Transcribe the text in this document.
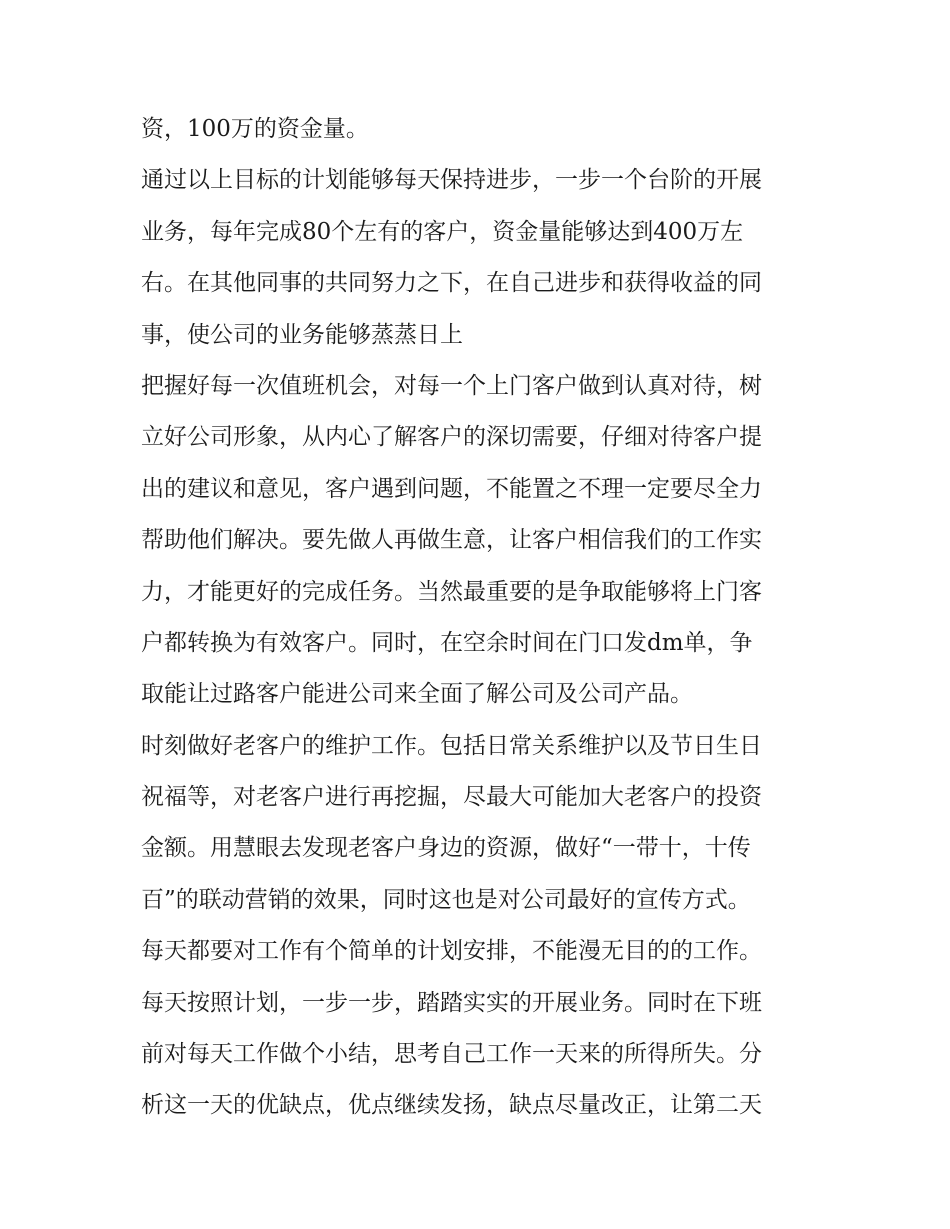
资，100万的资金量。
通过以上目标的计划能够每天保持进步，一步一个台阶的开展
业务，每年完成80个左有的客户，资金量能够达到400万左
右。在其他同事的共同努力之下，在自己进步和获得收益的同
事，使公司的业务能够蒸蒸日上
把握好每一次值班机会，对每一个上门客户做到认真对待，树
立好公司形象，从内心了解客户的深切需要，仔细对待客户提
出的建议和意见，客户遇到问题，不能置之不理一定要尽全力
帮助他们解决。要先做人再做生意，让客户相信我们的工作实
力，才能更好的完成任务。当然最重要的是争取能够将上门客
户都转换为有效客户。同时，在空余时间在门口发dm单，争
取能让过路客户能进公司来全面了解公司及公司产品。
时刻做好老客户的维护工作。包括日常关系维护以及节日生日
祝福等，对老客户进行再挖掘，尽最大可能加大老客户的投资
金额。用慧眼去发现老客户身边的资源，做好“一带十，十传
百”的联动营销的效果，同时这也是对公司最好的宣传方式。
每天都要对工作有个简单的计划安排，不能漫无目的的工作。
每天按照计划，一步一步，踏踏实实的开展业务。同时在下班
前对每天工作做个小结，思考自己工作一天来的所得所失。分
析这一天的优缺点，优点继续发扬，缺点尽量改正，让第二天
